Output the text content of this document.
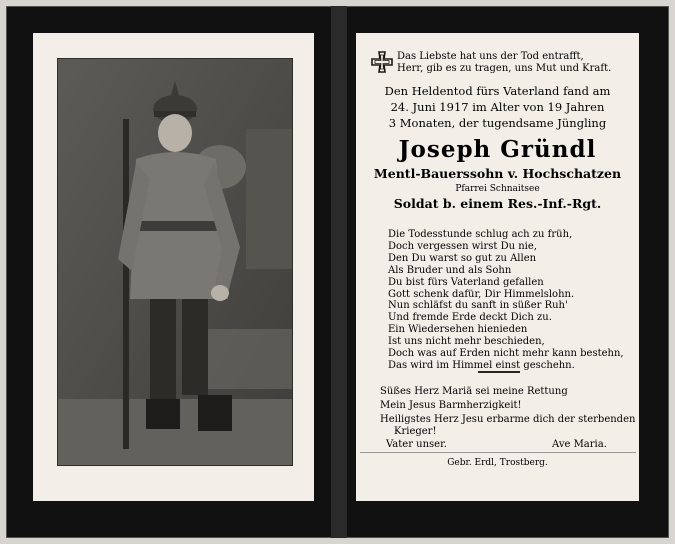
Das Liebste hat uns der Tod entrafft,

Herr, gib es zu tragen, uns Mut und Kraft.

Den Heldentod fürs Vaterland fand am

24. Juni 1917 im Alter von 19 Jahren

3 Monaten, der tugendsame Jüngling

Joseph Gründl

Mentl-Bauerssohn v. Hochschatzen

Pfarrei Schnaitsee

Soldat b. einem Res.-Inf.-Rgt.

Die Todesstunde schlug ach zu früh,
Doch vergessen wirst Du nie,
Den Du warst so gut zu Allen
Als Bruder und als Sohn
Du bist fürs Vaterland gefallen
Gott schenk dafür, Dir Himmelslohn.
Nun schläfst du sanft in süßer Ruh'
Und fremde Erde deckt Dich zu.
Ein Wiedersehen hienieden
Ist uns nicht mehr beschieden,
Doch was auf Erden nicht mehr kann bestehn,
Das wird im Himmel einst geschehn.

Süßes Herz Mariä sei meine Rettung

Mein Jesus Barmherzigkeit!

Heiligstes Herz Jesu erbarme dich der sterbenden

Krieger!

Vater unser.	Ave Maria.

Gebr. Erdl, Trostberg.
